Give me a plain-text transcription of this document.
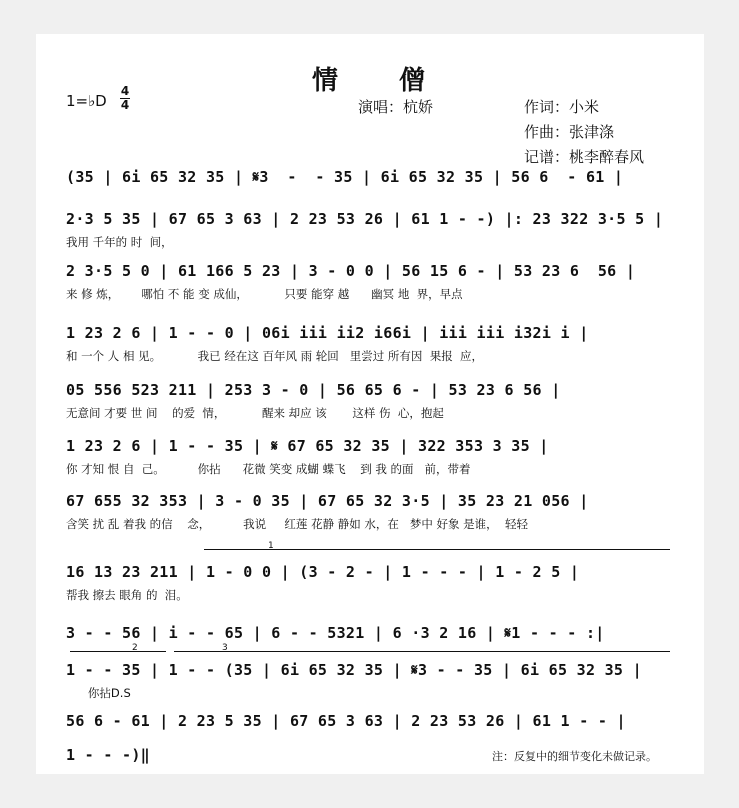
情 僧
1=♭D
4
4	演唱：杭娇	作词：小米
作曲：张津涤
记谱：桃李醉春风
(35 | 6i 65 32 35 | 𝄋3  -  - 35 | 6i 65 32 35 | 56 6  - 61 |
2·3 5 35 | 67 65 3 63 | 2 23 53 26 | 61 1 - -) |: 23 322 3·5 5 |
我用 千年的 时  间，
2 3·5 5 0 | 61 166 5 23 | 3 - 0 0 | 56 15 6 - | 53 23 6  56 |
来 修 炼，      哪怕 不 能 变 成仙，          只要 能穿 越      幽冥 地  界，早点
1 23 2 6 | 1 - - 0 | 06i iii ii2 i66i | iii iii i32i i |
和 一个 人 相 见。          我已 经在这 百年风 雨 轮回   里尝过 所有因  果报  应，
05 556 523 211 | 253 3 - 0 | 56 65 6 - | 53 23 6 56 |
无意间 才要 世 间    的爱  情，          醒来 却应 该       这样 伤  心，抱起
1 23 2 6 | 1 - - 35 | 𝄋 67 65 32 35 | 322 353 3 35 |
你 才知 恨 自  己。         你拈      花微 笑变 成蝴 蝶飞    到 我 的面   前，带着
67 655 32 353 | 3 - 0 35 | 67 65 32 3·5 | 35 23 21 056 |
含笑 扰 乱 着我 的信    念，         我说     红莲 花静 静如 水，在   梦中 好象 是谁，  轻轻
16 13 23 211 | 1 - 0 0 | (3 - 2 - | 1 - - - | 1 - 2 5 |
帮我 擦去 眼角 的  泪。
3 - - 56 | i - - 65 | 6 - - 5321 | 6 ·3 2 16 | 𝄋1 - - - :|
1 - - 35 | 1 - - (35 | 6i 65 32 35 | 𝄋3 - - 35 | 6i 65 32 35 |
你拈D.S
56 6 - 61 | 2 23 5 35 | 67 65 3 63 | 2 23 53 26 | 61 1 - - |
1 - - -)‖
1
2	3
注：反复中的细节变化未做记录。
